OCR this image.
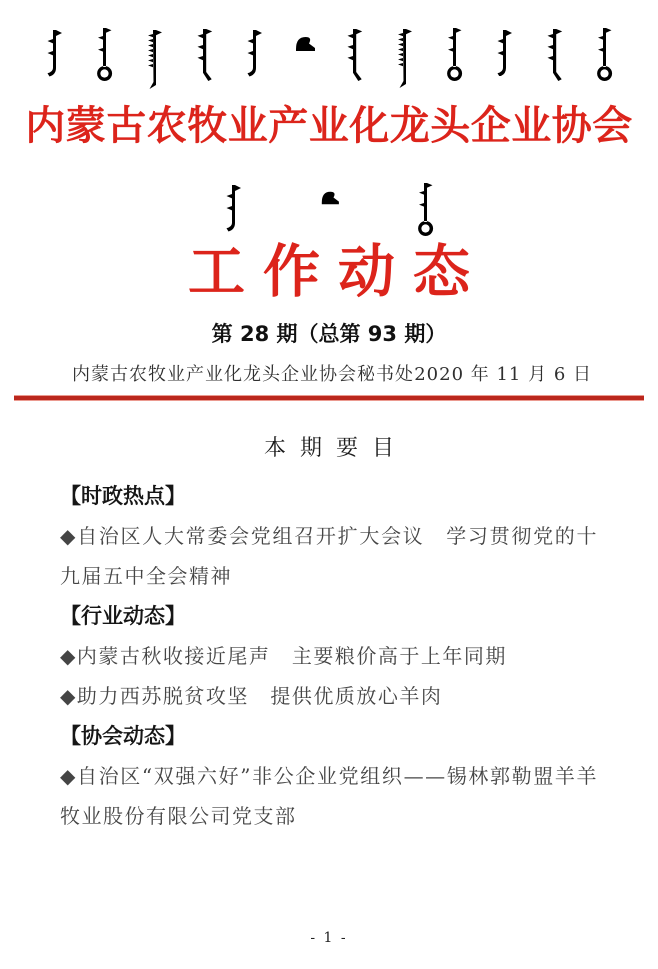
内蒙古农牧业产业化龙头企业协会
工作动态
第 28 期（总第 93 期）
内蒙古农牧业产业化龙头企业协会秘书处 2020 年 11 月 6 日
本期要目
【时政热点】
◆自治区人大常委会党组召开扩大会议　学习贯彻党的十九届五中全会精神
【行业动态】
◆内蒙古秋收接近尾声　主要粮价高于上年同期
◆助力西苏脱贫攻坚　提供优质放心羊肉
【协会动态】
◆自治区“双强六好”非公企业党组织——锡林郭勒盟羊羊牧业股份有限公司党支部
- 1 -
